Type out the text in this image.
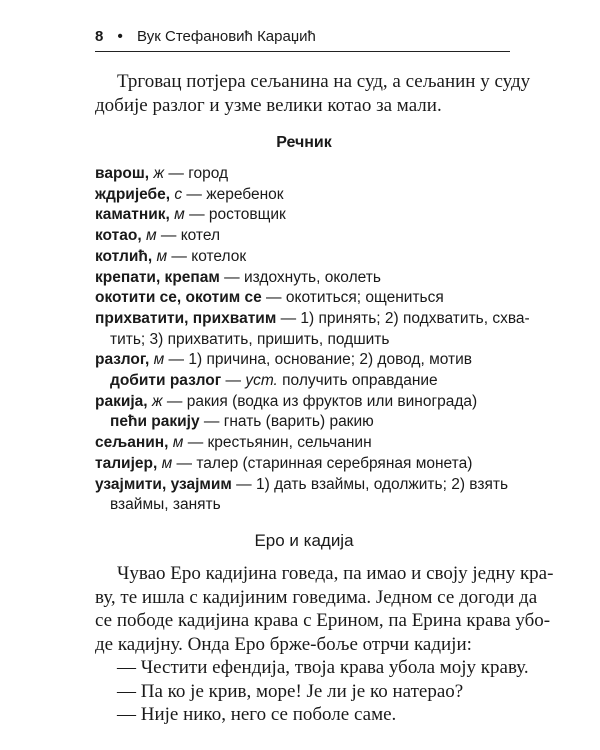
8 • Вук Стефановић Караџић
Трговац потјера сељанина на суд, а сељанин у суду
добије разлог и узме велики котао за мали.
Речник
варош, ж — город
ждријебе, с — жеребенок
каматник, м — ростовщик
котао, м — котел
котлић, м — котелок
крепати, крепам — издохнуть, околеть
окотити се, окотим се — окотиться; ощениться
прихватити, прихватим — 1) принять; 2) подхватить, схва-
тить; 3) прихватить, пришить, подшить
разлог, м — 1) причина, основание; 2) довод, мотив
добити разлог — уст. получить оправдание
ракија, ж — ракия (водка из фруктов или винограда)
пећи ракију — гнать (варить) ракию
сељанин, м — крестьянин, сельчанин
талијер, м — талер (старинная серебряная монета)
узајмити, узајмим — 1) дать взаймы, одолжить; 2) взять
взаймы, занять
Еро и кадија
Чувао Еро кадијина говеда, па имао и своју једну кра-
ву, те ишла с кадијиним говедима. Једном се догоди да
се пободе кадијина крава с Ерином, па Ерина крава убо-
де кадијну. Онда Еро брже-боље отрчи кадији:
— Честити ефендија, твоја крава убола моју краву.
— Па ко је крив, море! Је ли је ко натерао?
— Није нико, него се поболе саме.
